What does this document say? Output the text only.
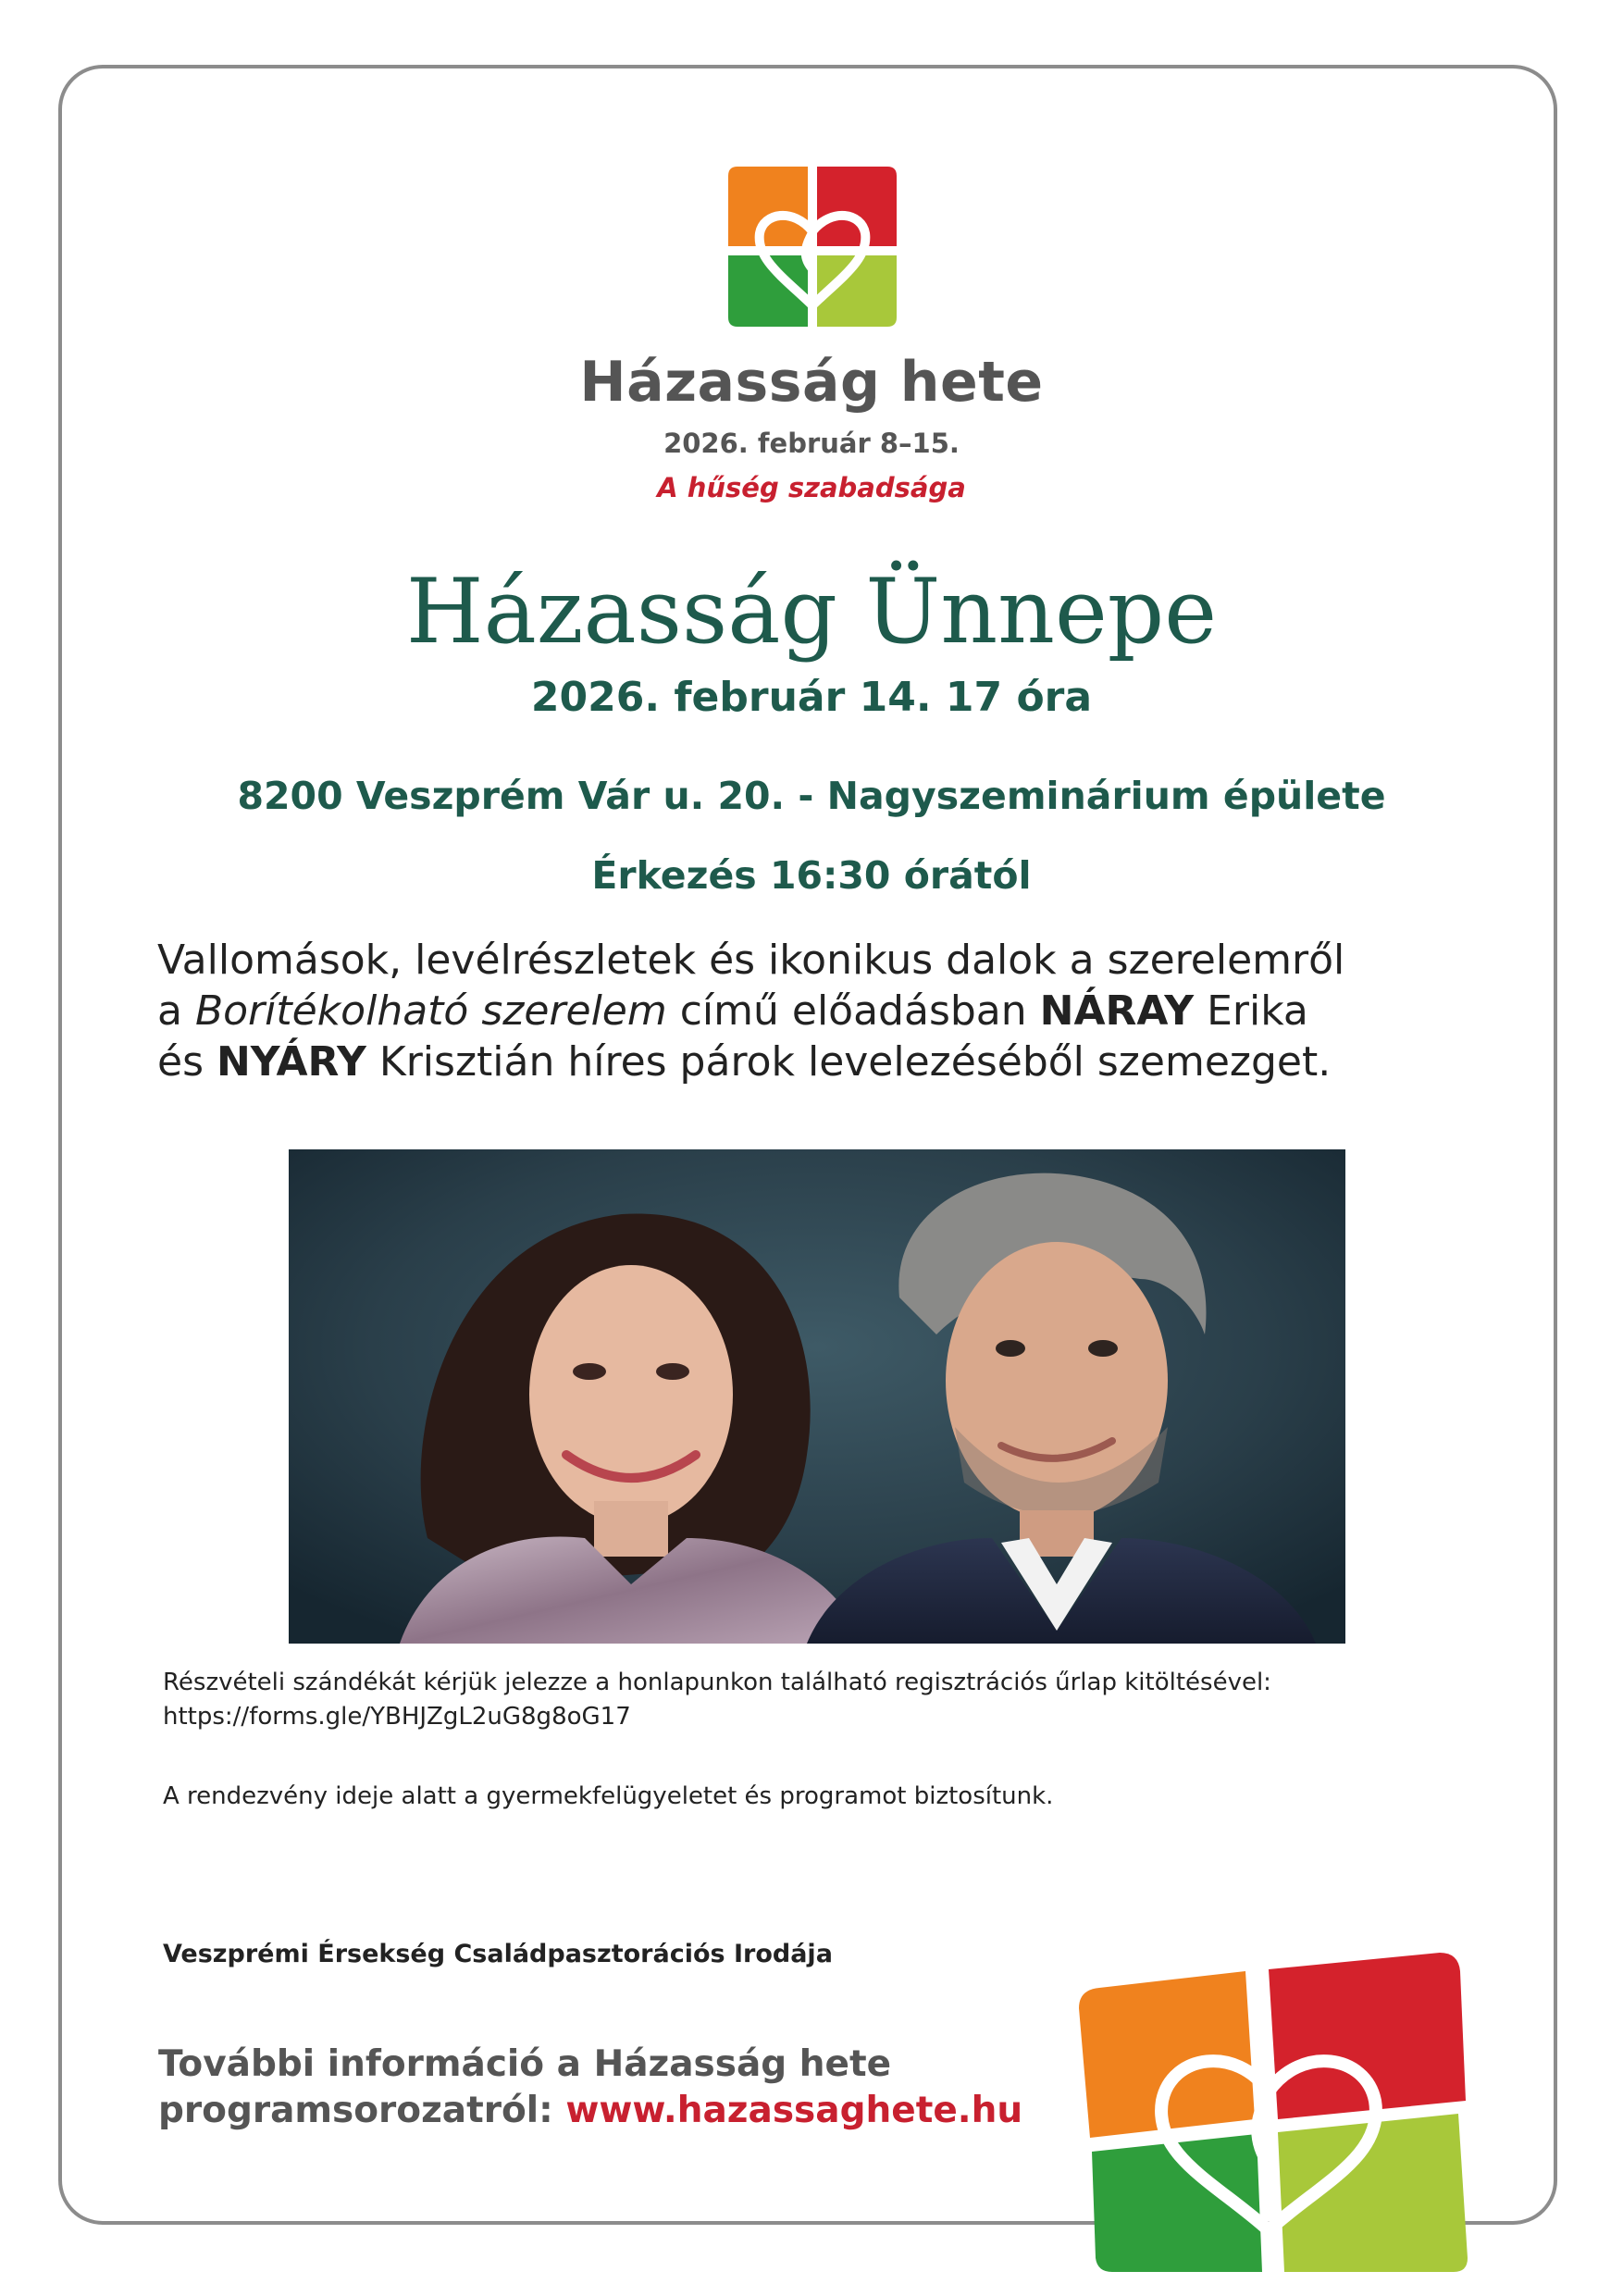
Házasság hete
2026. február 8–15.
A hűség szabadsága
Házasság Ünnepe
2026. február 14. 17 óra
8200 Veszprém Vár u. 20. - Nagyszeminárium épülete
Érkezés 16:30 órától
Vallomások, levélrészletek és ikonikus dalok a szerelemről
a Borítékolható szerelem című előadásban NÁRAY Erika
és NYÁRY Krisztián híres párok levelezéséből szemezget.
Részvételi szándékát kérjük jelezze a honlapunkon található regisztrációs űrlap kitöltésével:
https://forms.gle/YBHJZgL2uG8g8oG17
A rendezvény ideje alatt a gyermekfelügyeletet és programot biztosítunk.
Veszprémi Érsekség Családpasztorációs Irodája
További információ a Házasság hete
programsorozatról: www.hazassaghete.hu
